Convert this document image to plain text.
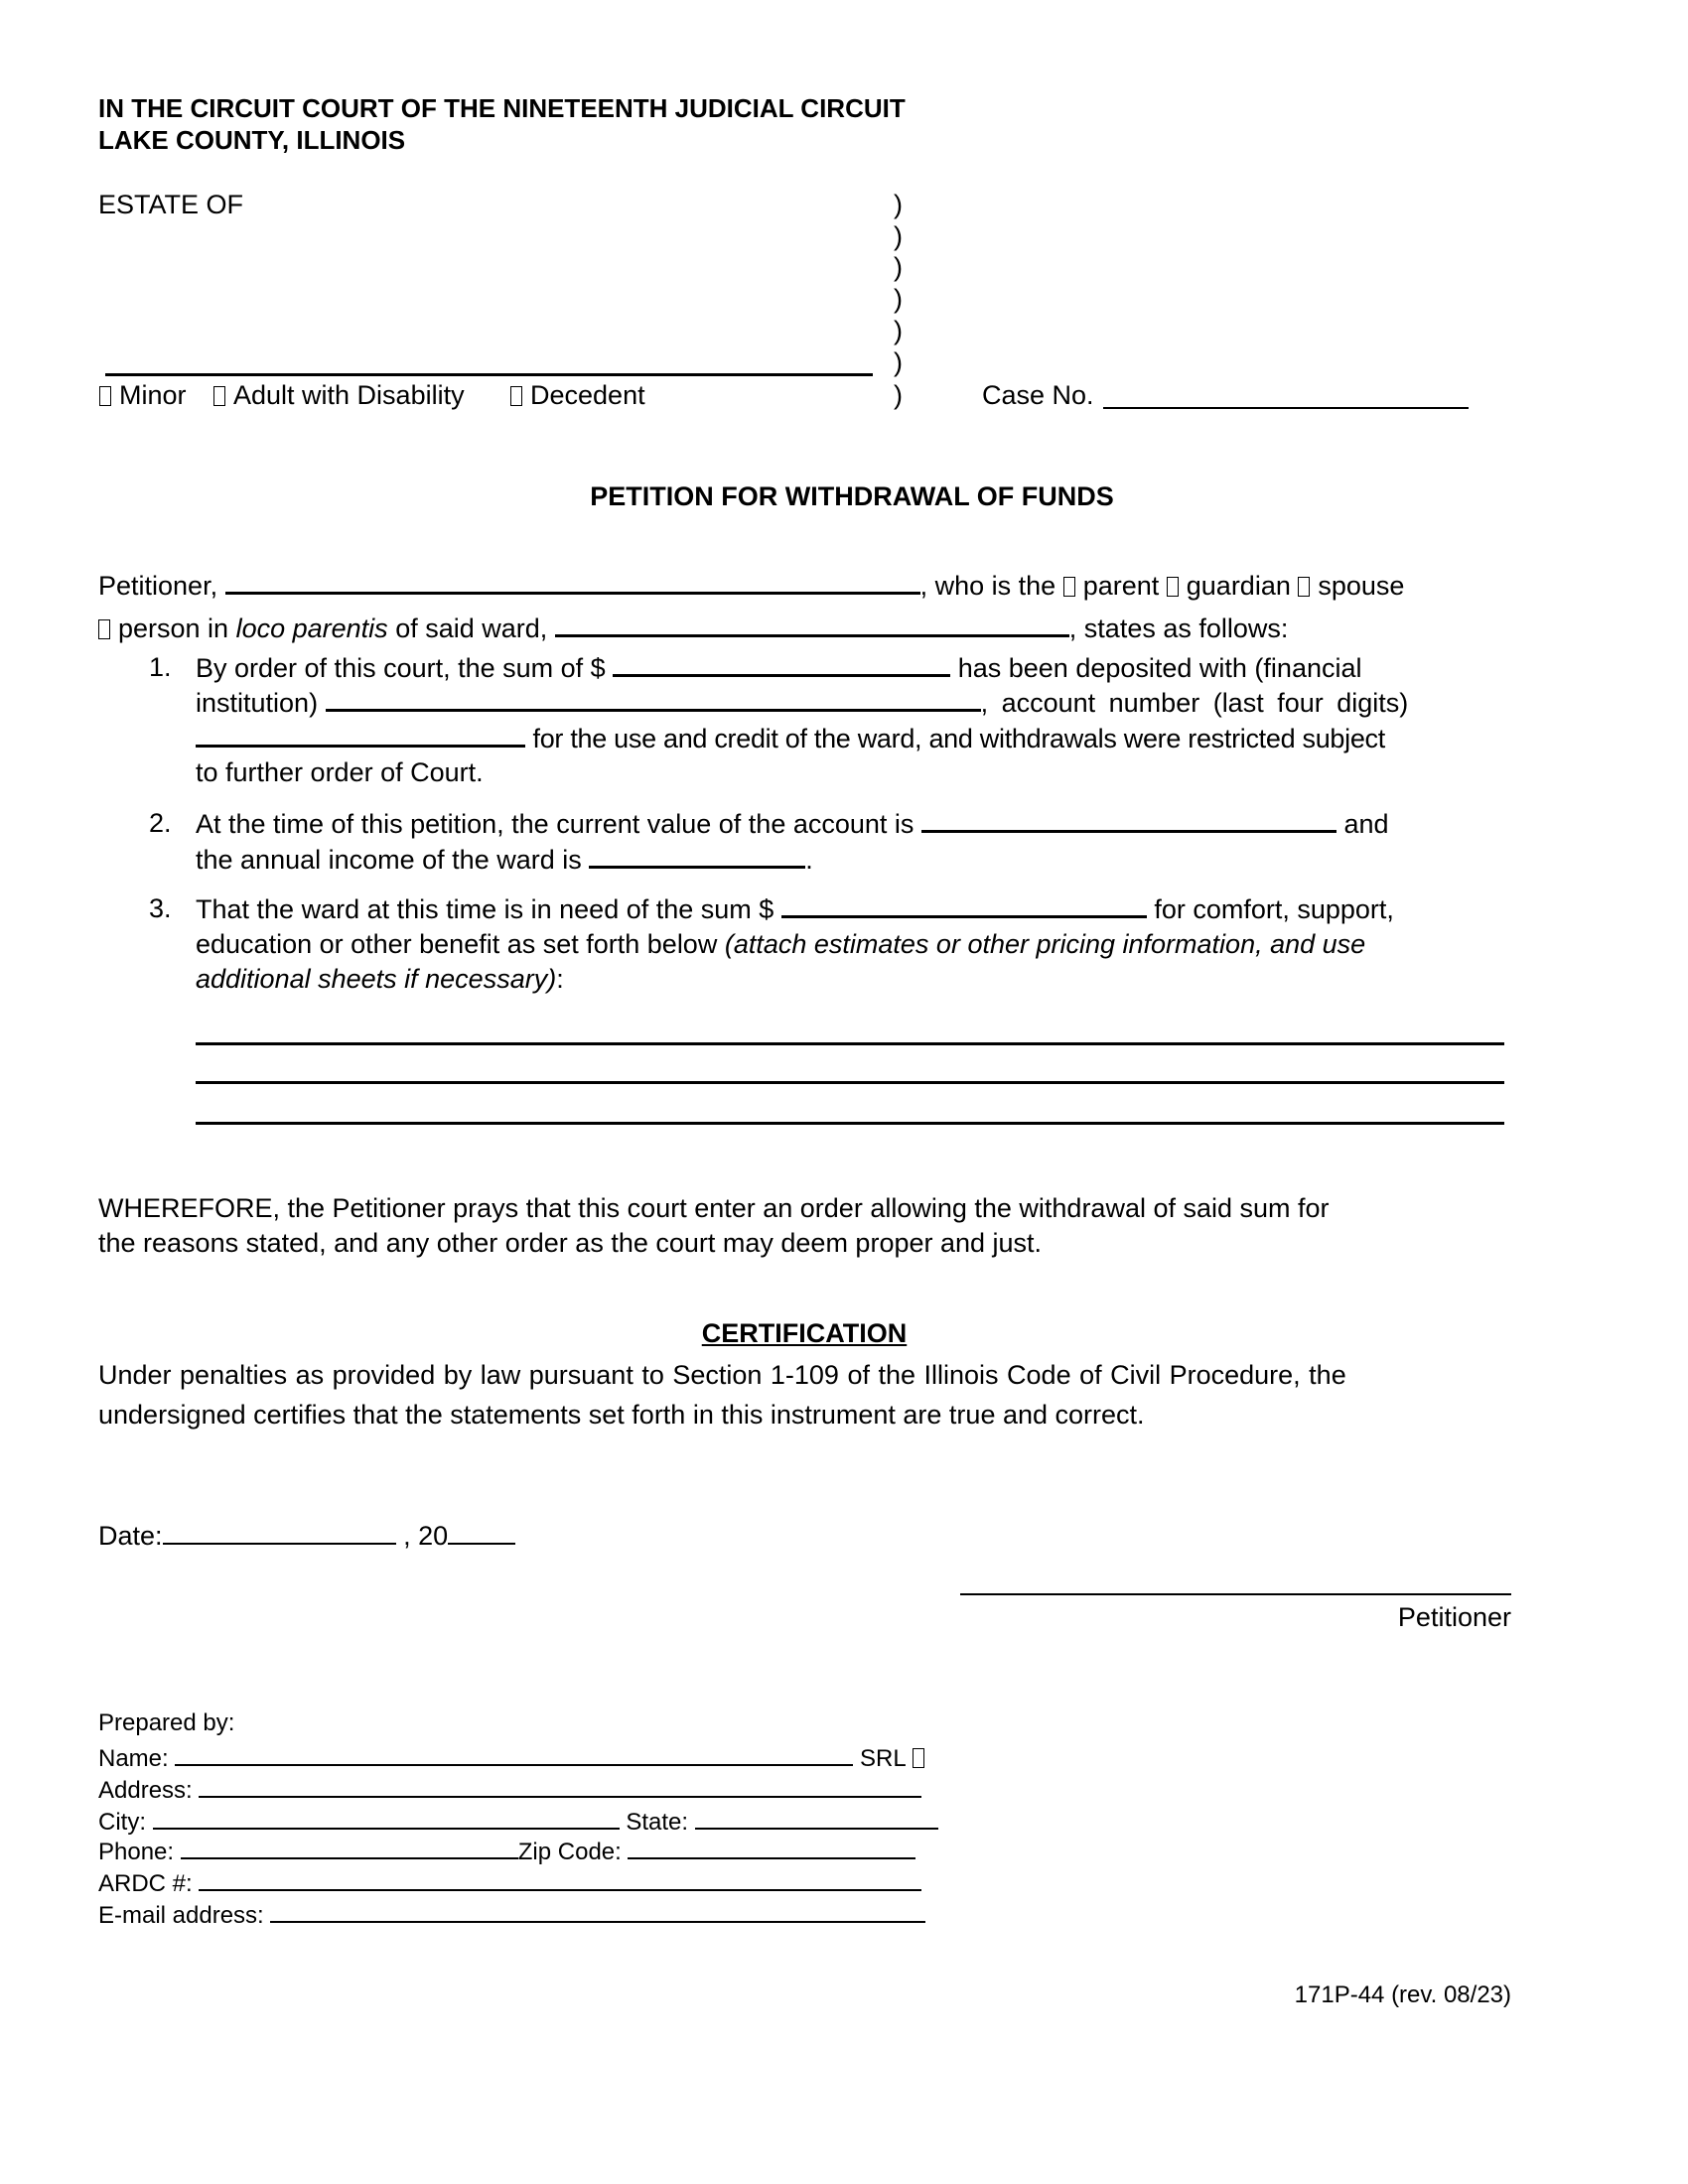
IN THE CIRCUIT COURT OF THE NINETEENTH JUDICIAL CIRCUIT
LAKE COUNTY, ILLINOIS
ESTATE OF	)
)
)
)
)
)
)
Minor	Adult with Disability	Decedent	Case No.
PETITION FOR WITHDRAWAL OF FUNDS
Petitioner,	, who is the parent guardian spouse
person in loco parentis of said ward,	, states as follows:
1. By order of this court, the sum of $	has been deposited with (financial
institution)	, account number (last four digits)
for the use and credit of the ward, and withdrawals were restricted subject
to further order of Court.
2. At the time of this petition, the current value of the account is	and
the annual income of the ward is	.
3. That the ward at this time is in need of the sum $	for comfort, support,
education or other benefit as set forth below (attach estimates or other pricing information, and use
additional sheets if necessary):
WHEREFORE, the Petitioner prays that this court enter an order allowing the withdrawal of said sum for
the reasons stated, and any other order as the court may deem proper and just.
CERTIFICATION
Under penalties as provided by law pursuant to Section 1-109 of the Illinois Code of Civil Procedure, the
undersigned certifies that the statements set forth in this instrument are true and correct.
Date:	, 20
Petitioner
Prepared by:
Name:	SRL
Address:
City:	State:
Phone:	Zip Code:
ARDC #:
E-mail address:
171P-44 (rev. 08/23)
